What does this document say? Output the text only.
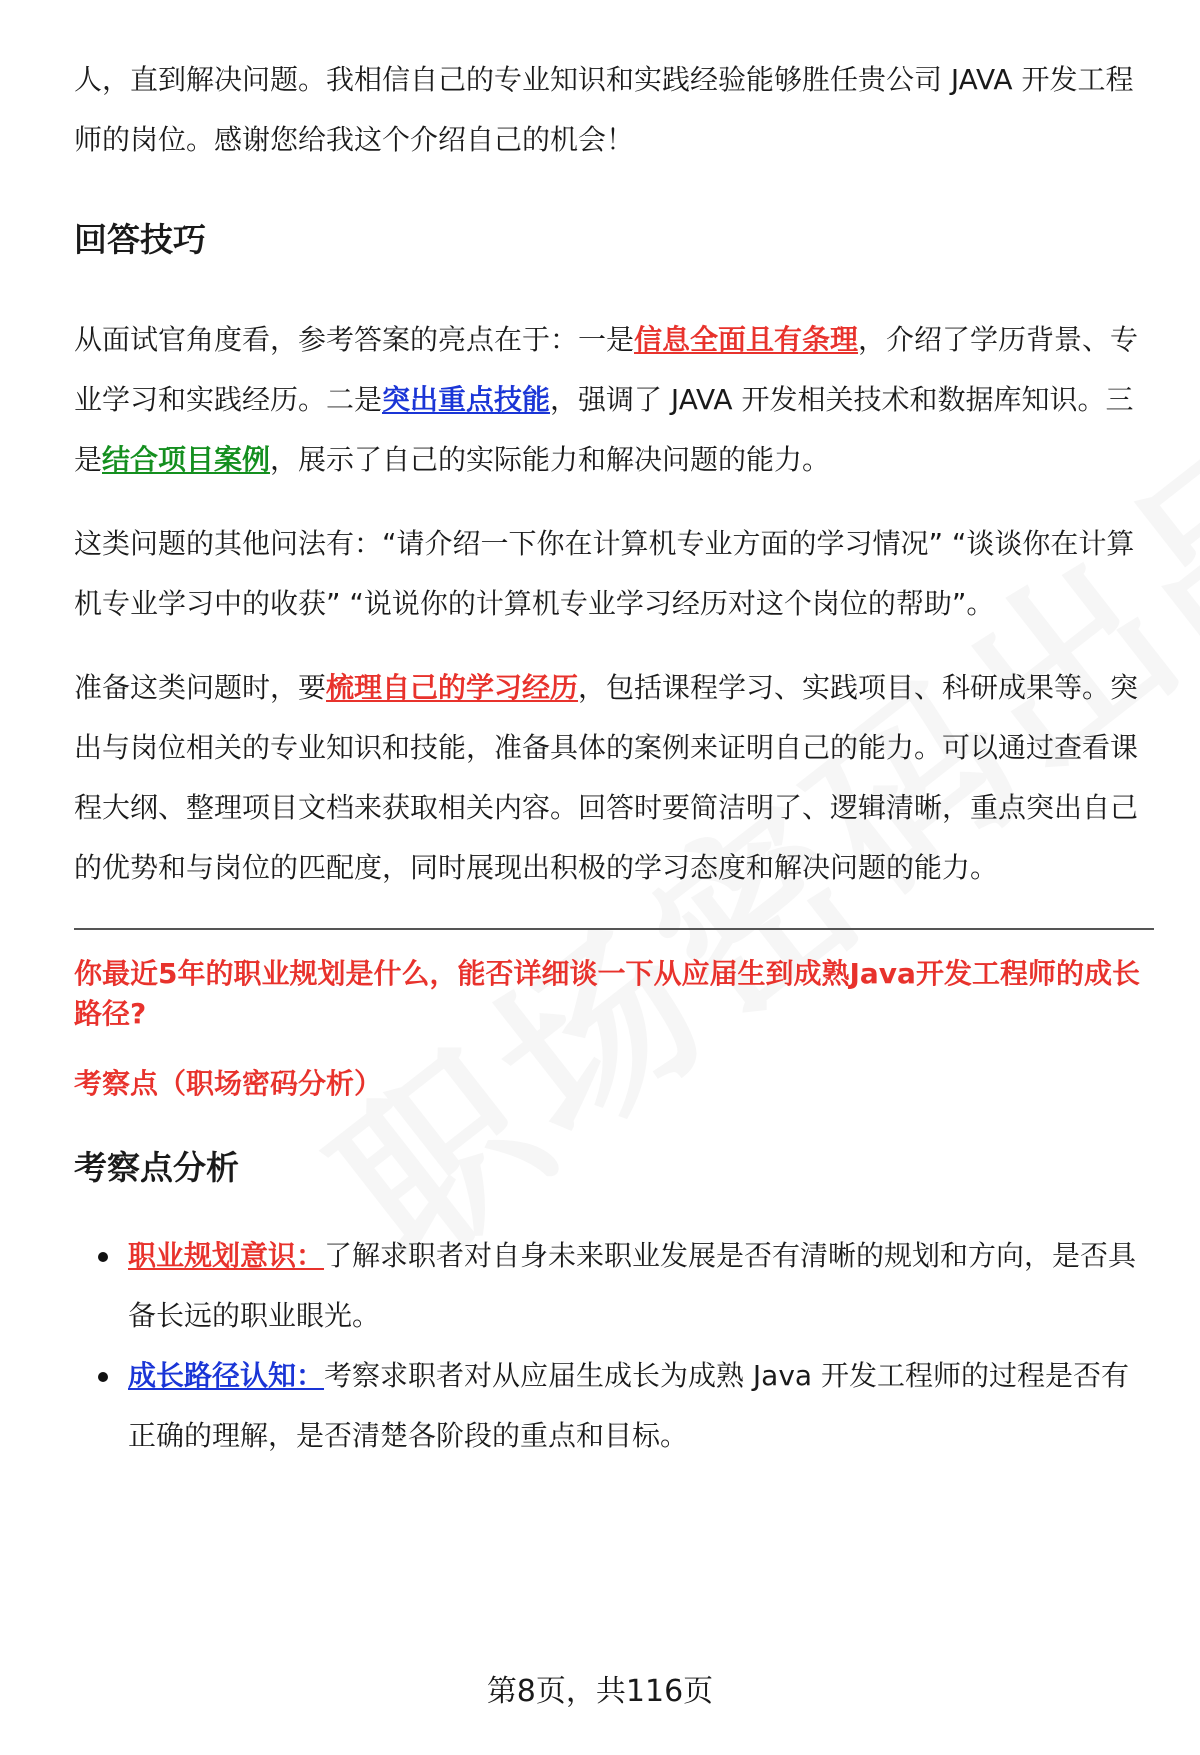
人，直到解决问题。我相信自己的专业知识和实践经验能够胜任贵公司 JAVA 开发工程师的岗位。感谢您给我这个介绍自己的机会！

回答技巧

从面试官角度看，参考答案的亮点在于：一是信息全面且有条理，介绍了学历背景、专业学习和实践经历。二是突出重点技能，强调了 JAVA 开发相关技术和数据库知识。三是结合项目案例，展示了自己的实际能力和解决问题的能力。

这类问题的其他问法有：“请介绍一下你在计算机专业方面的学习情况” “谈谈你在计算机专业学习中的收获” “说说你的计算机专业学习经历对这个岗位的帮助”。

准备这类问题时，要梳理自己的学习经历，包括课程学习、实践项目、科研成果等。突出与岗位相关的专业知识和技能，准备具体的案例来证明自己的能力。可以通过查看课程大纲、整理项目文档来获取相关内容。回答时要简洁明了、逻辑清晰，重点突出自己的优势和与岗位的匹配度，同时展现出积极的学习态度和解决问题的能力。

你最近5年的职业规划是什么，能否详细谈一下从应届生到成熟Java开发工程师的成长路径?
考察点（职场密码分析）
考察点分析
职业规划意识：了解求职者对自身未来职业发展是否有清晰的规划和方向，是否具备长远的职业眼光。
成长路径认知：考察求职者对从应届生成长为成熟 Java 开发工程师的过程是否有正确的理解，是否清楚各阶段的重点和目标。
第8页，共116页
